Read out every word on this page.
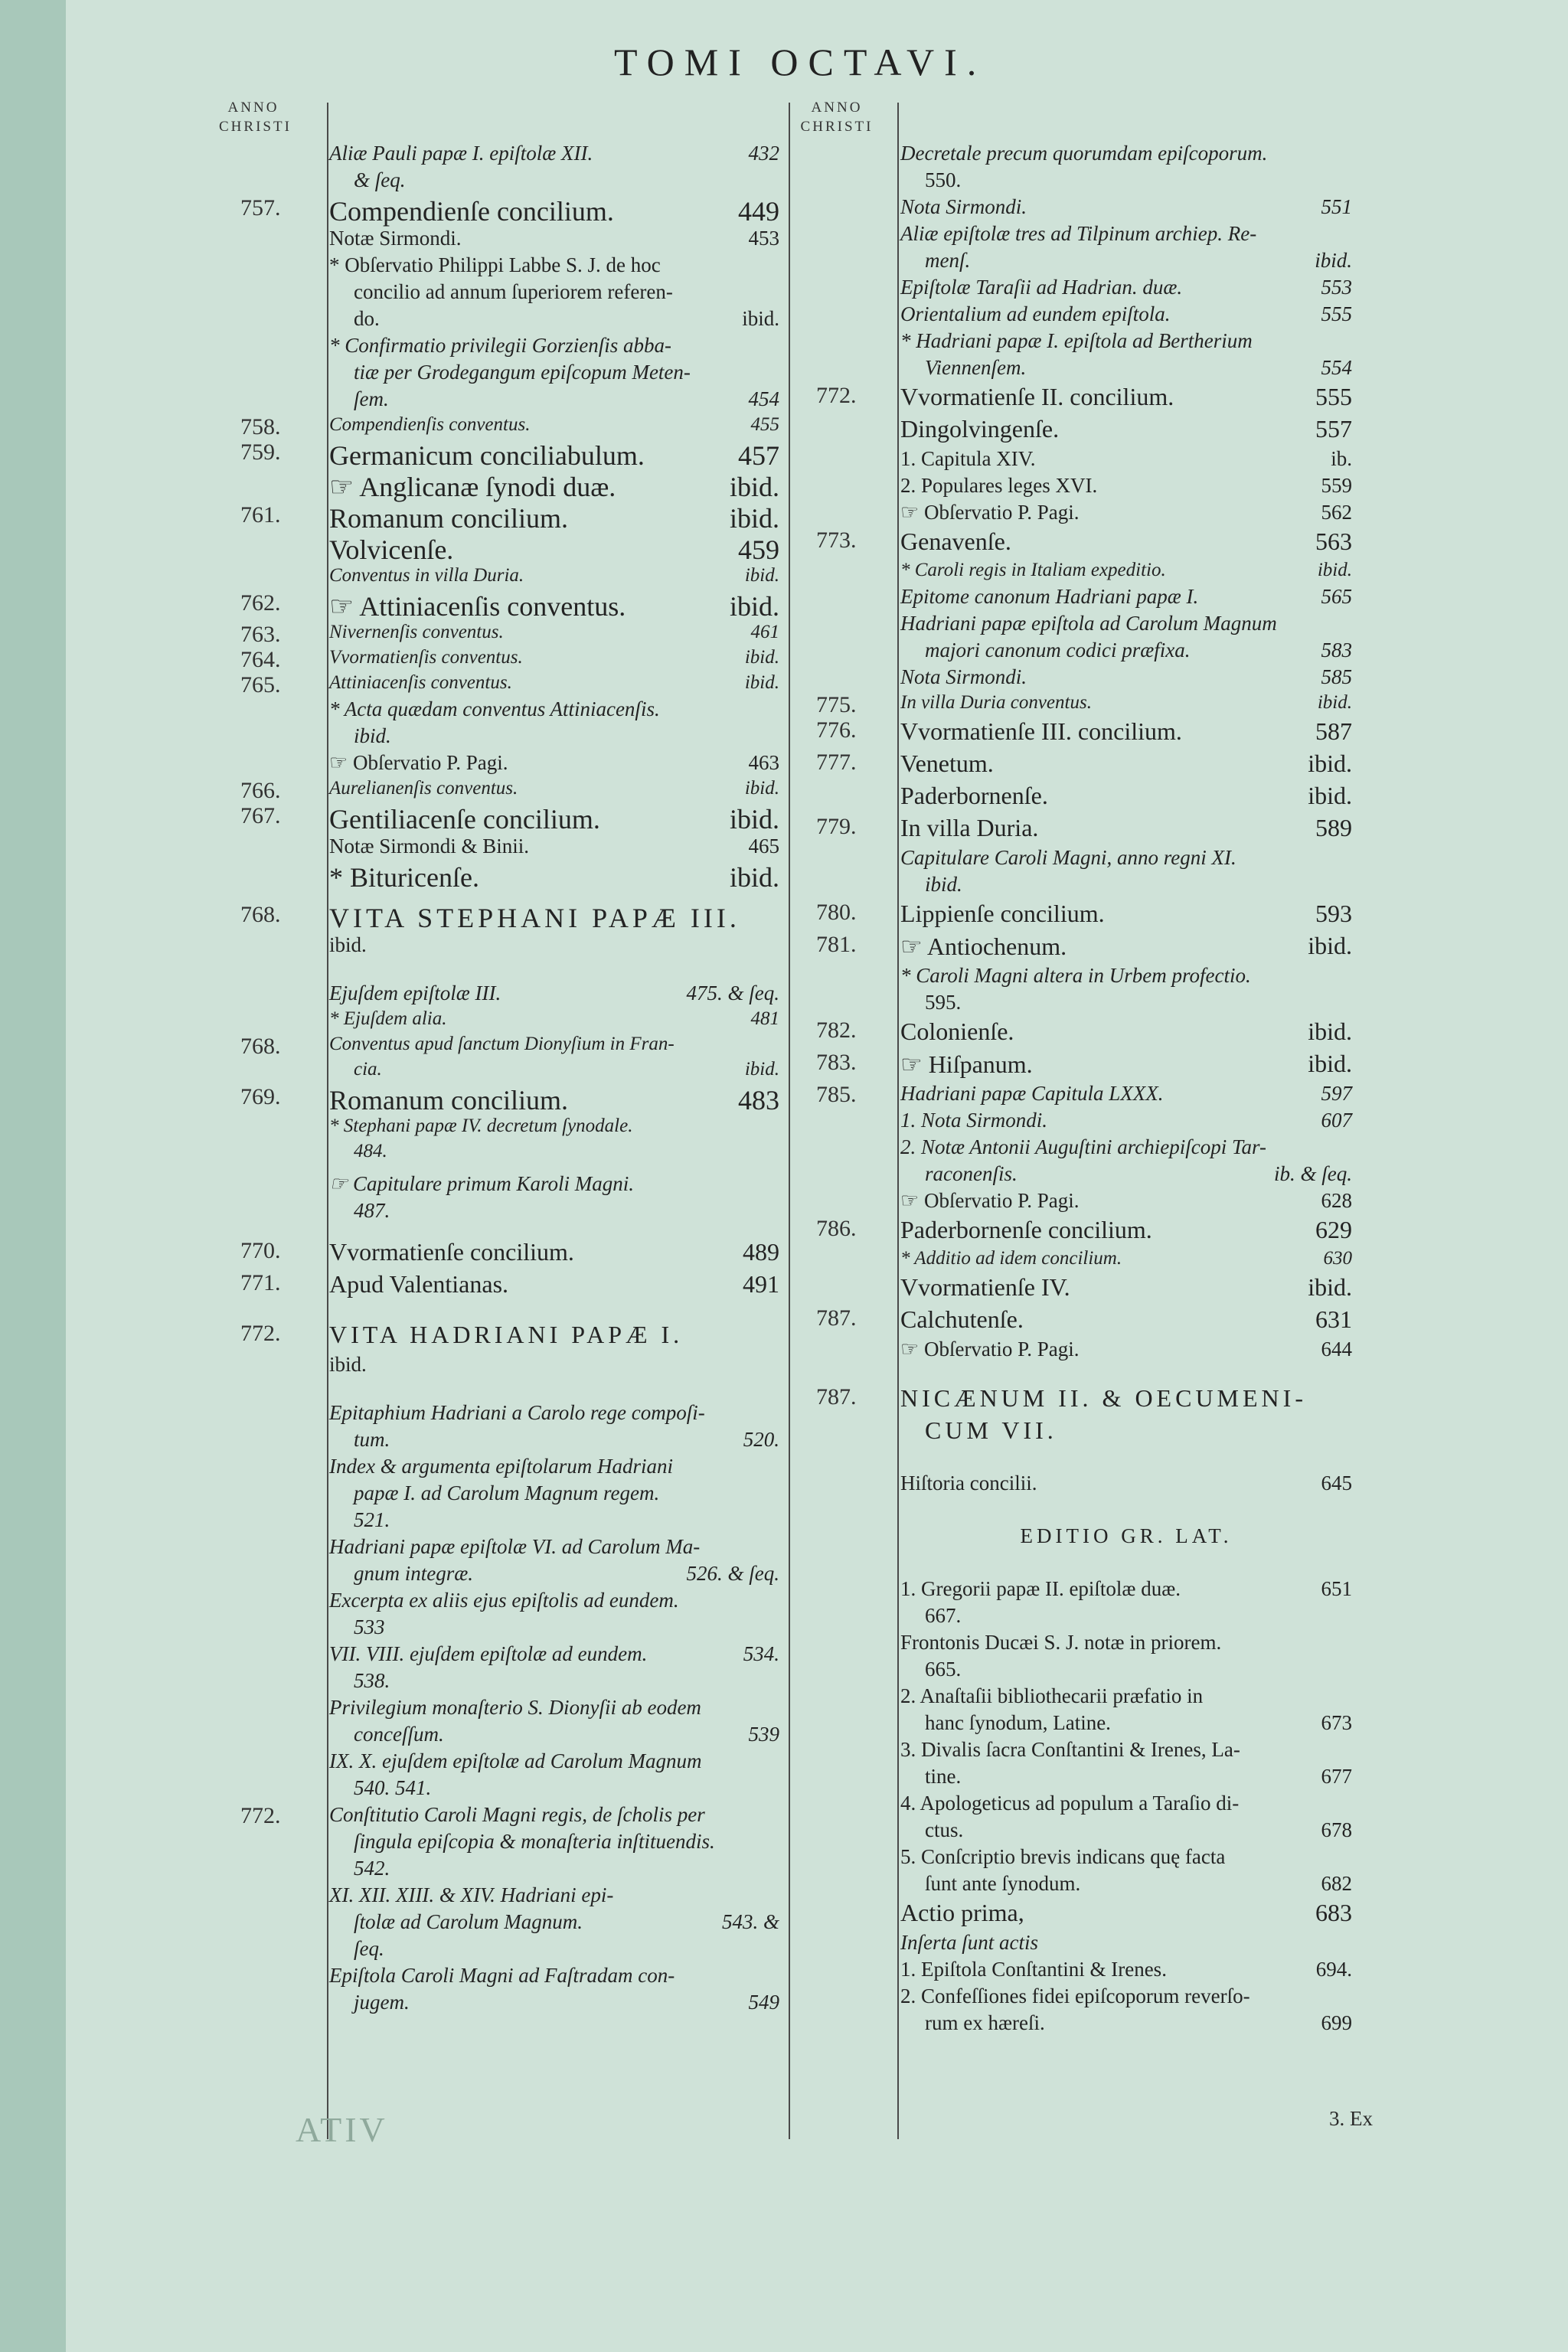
TOMI OCTAVI.
ANNO
CHRISTI
ANNO
CHRISTI
Aliæ Pauli papæ I. epiſtolæ XII.	432
& ſeq.
757. Compendienſe concilium.	449
Notæ Sirmondi.	453
* Obſervatio Philippi Labbe S. J. de hoc
concilio ad annum ſuperiorem referen-
do.	ibid.
* Confirmatio privilegii Gorzienſis abba-
tiæ per Grodegangum epiſcopum Meten-
ſem.	454
758.	Compendienſis conventus.	455
759. Germanicum conciliabulum.	457
☞ Anglicanæ ſynodi duæ.	ibid.
761. Romanum concilium.	ibid.
Volvicenſe.	459
Conventus in villa Duria.	ibid.
762. ☞ Attiniacenſis conventus.	ibid.
763.	Nivernenſis conventus.	461
764.	Vvormatienſis conventus.	ibid.
765.	Attiniacenſis conventus.	ibid.
* Acta quædam conventus Attiniacenſis.
ibid.
☞ Obſervatio P. Pagi.	463
766.	Aurelianenſis conventus.	ibid.
767. Gentiliacenſe concilium.	ibid.
Notæ Sirmondi & Binii.	465
* Bituricenſe.	ibid.
768. VITA STEPHANI PAPÆ III.
ibid.
Ejuſdem epiſtolæ III.	475. & ſeq.
* Ejuſdem alia.	481
768.	Conventus apud ſanctum Dionyſium in Fran-
cia.	ibid.
769. Romanum concilium.	483
* Stephani papæ IV. decretum ſynodale.
484.
☞ Capitulare primum Karoli Magni.
487.
770. Vvormatienſe concilium.	489
771. Apud Valentianas.	491
772. VITA HADRIANI PAPÆ I.
ibid.
Epitaphium Hadriani a Carolo rege compoſi-
tum.	520.
Index & argumenta epiſtolarum Hadriani
papæ I. ad Carolum Magnum regem.
521.
Hadriani papæ epiſtolæ VI. ad Carolum Ma-
gnum integræ.	526. & ſeq.
Excerpta ex aliis ejus epiſtolis ad eundem.
533
VII. VIII. ejuſdem epiſtolæ ad eundem.	534.
538.
Privilegium monaſterio S. Dionyſii ab eodem
conceſſum.	539
IX. X. ejuſdem epiſtolæ ad Carolum Magnum
540. 541.
772. Conſtitutio Caroli Magni regis, de ſcholis per
ſingula epiſcopia & monaſteria inſtituendis.
542.
XI. XII. XIII. & XIV. Hadriani epi-
ſtolæ ad Carolum Magnum.	543. &
ſeq.
Epiſtola Caroli Magni ad Faſtradam con-
jugem.	549
Decretale precum quorumdam epiſcoporum.
550.
Nota Sirmondi.	551
Aliæ epiſtolæ tres ad Tilpinum archiep. Re-
menſ.	ibid.
Epiſtolæ Taraſii ad Hadrian. duæ.	553
Orientalium ad eundem epiſtola.	555
* Hadriani papæ I. epiſtola ad Bertherium
Viennenſem.	554
772. Vvormatienſe II. concilium.	555
Dingolvingenſe.	557
1. Capitula XIV.	ib.
2. Populares leges XVI.	559
☞ Obſervatio P. Pagi.	562
773. Genavenſe.	563
* Caroli regis in Italiam expeditio.	ibid.
Epitome canonum Hadriani papæ I.	565
Hadriani papæ epiſtola ad Carolum Magnum
majori canonum codici præfixa.	583
Nota Sirmondi.	585
775. In villa Duria conventus.	ibid.
776. Vvormatienſe III. concilium.	587
777. Venetum.	ibid.
Paderbornenſe.	ibid.
779. In villa Duria.	589
Capitulare Caroli Magni, anno regni XI.
ibid.
780. Lippienſe concilium.	593
781. ☞ Antiochenum.	ibid.
* Caroli Magni altera in Urbem profectio.
595.
782. Colonienſe.	ibid.
783. ☞ Hiſpanum.	ibid.
785. Hadriani papæ Capitula LXXX.	597
1. Nota Sirmondi.	607
2. Notæ Antonii Auguſtini archiepiſcopi Tar-
raconenſis.	ib. & ſeq.
☞ Obſervatio P. Pagi.	628
786. Paderbornenſe concilium.	629
* Additio ad idem concilium.	630
Vvormatienſe IV.	ibid.
787. Calchutenſe.	631
☞ Obſervatio P. Pagi.	644
787. NICÆNUM II. & OECUMENI-
CUM VII.
Hiſtoria concilii.	645
EDITIO GR. LAT.
1. Gregorii papæ II. epiſtolæ duæ.	651
667.
Frontonis Ducæi S. J. notæ in priorem.
665.
2. Anaſtaſii bibliothecarii præfatio in
hanc ſynodum, Latine.	673
3. Divalis ſacra Conſtantini & Irenes, La-
tine.	677
4. Apologeticus ad populum a Taraſio di-
ctus.	678
5. Conſcriptio brevis indicans quę facta
ſunt ante ſynodum.	682
Actio prima,	683
Inſerta ſunt actis
1. Epiſtola Conſtantini & Irenes.	694.
2. Confeſſiones fidei epiſcoporum reverſo-
rum ex hæreſi.	699
ATIV	3. Ex
